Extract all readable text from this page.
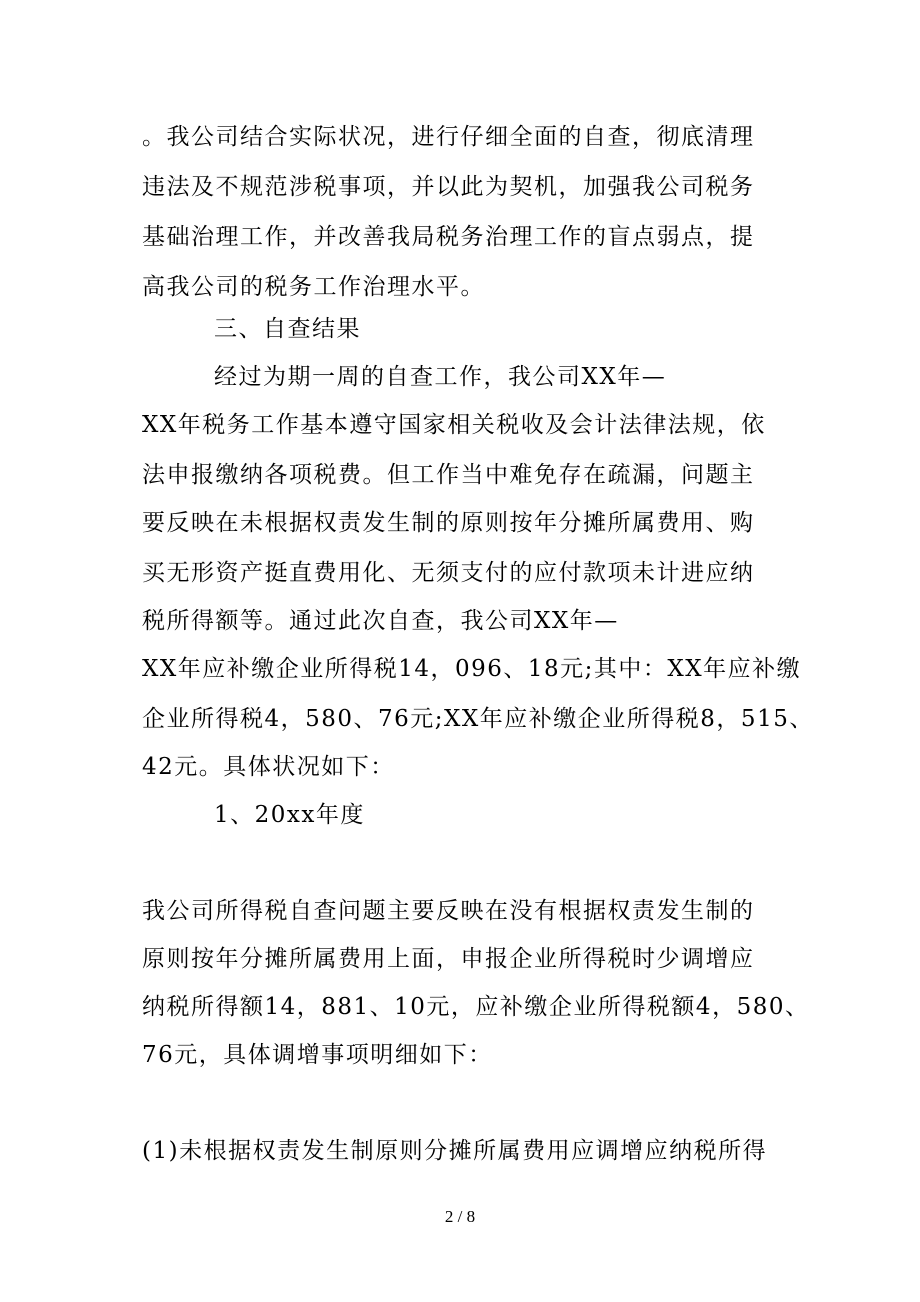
。我公司结合实际状况，进行仔细全面的自查，彻底清理
违法及不规范涉税事项，并以此为契机，加强我公司税务
基础治理工作，并改善我局税务治理工作的盲点弱点，提
高我公司的税务工作治理水平。
三、自查结果
经过为期一周的自查工作，我公司XX年—
XX年税务工作基本遵守国家相关税收及会计法律法规，依
法申报缴纳各项税费。但工作当中难免存在疏漏，问题主
要反映在未根据权责发生制的原则按年分摊所属费用、购
买无形资产挺直费用化、无须支付的应付款项未计进应纳
税所得额等。通过此次自查，我公司XX年—
XX年应补缴企业所得税14，096、18元;其中：XX年应补缴
企业所得税4，580、76元;XX年应补缴企业所得税8，515、
42元。具体状况如下：
1、20xx年度
我公司所得税自查问题主要反映在没有根据权责发生制的
原则按年分摊所属费用上面，申报企业所得税时少调增应
纳税所得额14，881、10元，应补缴企业所得税额4，580、
76元，具体调增事项明细如下：
(1)未根据权责发生制原则分摊所属费用应调增应纳税所得
2 / 8
